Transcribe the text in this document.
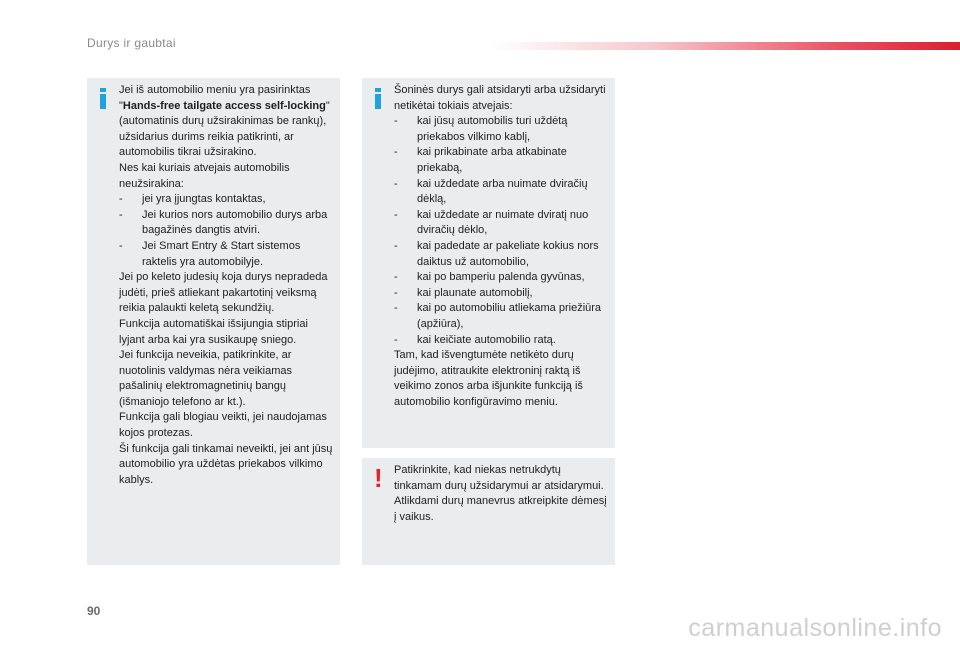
Durys ir gaubtai

Jei iš automobilio meniu yra pasirinktas "Hands-free tailgate access self-locking" (automatinis durų užsirakinimas be rankų), užsidarius durims reikia patikrinti, ar automobilis tikrai užsirakino.

Nes kai kuriais atvejais automobilis neužsirakina:

- jei yra įjungtas kontaktas,
- Jei kurios nors automobilio durys arba bagažinės dangtis atviri.
- Jei Smart Entry & Start sistemos raktelis yra automobilyje.

Jei po keleto judesių koja durys nepradeda judėti, prieš atliekant pakartotinį veiksmą reikia palaukti keletą sekundžių.

Funkcija automatiškai išsijungia stipriai lyjant arba kai yra susikaupę sniego.

Jei funkcija neveikia, patikrinkite, ar nuotolinis valdymas nėra veikiamas pašalinių elektromagnetinių bangų (išmaniojo telefono ar kt.).

Funkcija gali blogiau veikti, jei naudojamas kojos protezas.

Ši funkcija gali tinkamai neveikti, jei ant jūsų automobilio yra uždėtas priekabos vilkimo kablys.

Šoninės durys gali atsidaryti arba užsidaryti netikėtai tokiais atvejais:

- kai jūsų automobilis turi uždėtą priekabos vilkimo kablį,
- kai prikabinate arba atkabinate priekabą,
- kai uždedate arba nuimate dviračių dėklą,
- kai uždedate ar nuimate dviratį nuo dviračių dėklo,
- kai padedate ar pakeliate kokius nors daiktus už automobilio,
- kai po bamperiu palenda gyvūnas,
- kai plaunate automobilį,
- kai po automobiliu atliekama priežiūra (apžiūra),
- kai keičiate automobilio ratą.

Tam, kad išvengtumėte netikėto durų judėjimo, atitraukite elektroninį raktą iš veikimo zonos arba išjunkite funkciją iš automobilio konfigūravimo meniu.

! Patikrinkite, kad niekas netrukdytų tinkamam durų užsidarymui ar atsidarymui.

Atlikdami durų manevrus atkreipkite dėmesį į vaikus.

90
carmanualsonline.info
